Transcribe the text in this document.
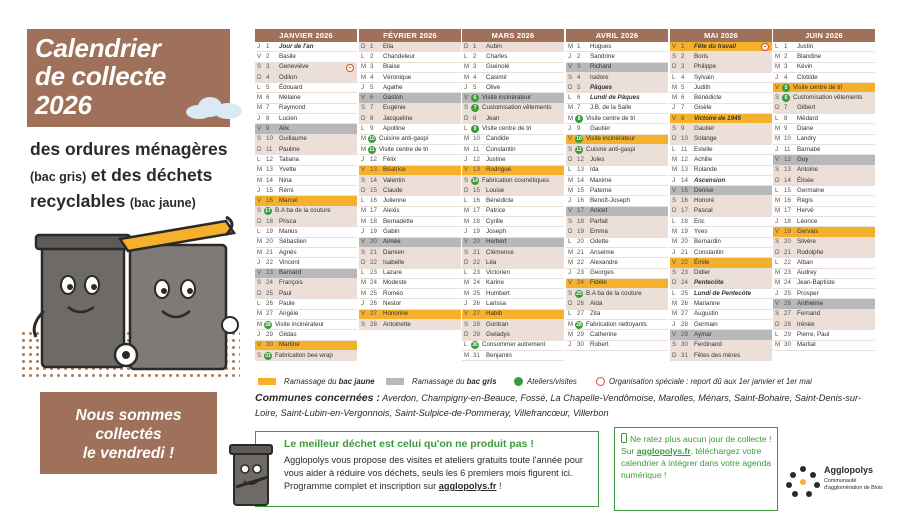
Calendrier
de collecte
2026
des ordures ménagères
(bac gris) et des déchets
recyclables (bac jaune)
Nous sommes
collectés
le vendredi !
JANVIER 2026
J 1	Jour de l'an
V 2	Basile
S 3	Geneviève
D 4	Odilon
L 5	Édouard
M 6	Mélaine
M 7	Raymond
J 8	Lucien
V 9	Alix
S 10 Guillaume
D 11	Pauline
L 12 Tatiana
M 13 Yvette
M 14 Nina
J 15 Rémi
V 16 Marcel
S 17 B.A ba de la couture
D 18 Prisca
L 19 Marius
M 20 Sébastien
M 21 Agnès
J 22 Vincent
V 23 Barnard
S 24 François
D 25 Paul
L 26 Paule
M 27 Angèle
M 28 Visite incinérateur
J 29 Gildas
V 30 Martine
S 31 Fabrication bee wrap
FÉVRIER 2026
D 1	Ella
L 2	Chandeleur
M 3	Blaise
M 4	Véronique
J 5	Agathe
V 6	Gaston
S 7	Eugénie
D 8	Jacqueline
L 9	Apolline
M 10 Cuisine anti-gaspi
M 11 Visite centre de tri
J 12 Félix
V 13 Béatrice
S 14 Valentin
D 15 Claude
L 16 Julienne
M 17 Alexis
M 18 Bernadette
J 19 Gabin
V 20 Aimée
S 21 Damien
D 22 Isabelle
L 23 Lazare
M 24 Modeste
M 25 Roméo
J 26 Nestor
V 27 Honorine
S 28 Antoinette
MARS 2026
D 1	Aubin
L 2	Charles
M 3	Guénolé
M 4	Casimir
J 5	Olive
V	6 Visite incinérateur
S	7 Customisation vêtements
D 8	Jean
L	9 Visite centre de tri
M 10 Candide
M 11	Constantin
J 12 Justine
V 13 Rodrigue
S 14 Fabrication cosmétiques
D 15 Louise
L 16 Bénédicte
M 17 Patrice
M 18 Cyrille
J 19 Joseph
V 20 Herbert
S 21 Clémence
D 22 Léa
L 23 Victorien
M 24 Karine
M 25 Humbert
J 26 Larissa
V 27 Habib
S 28 Gontran
D 29 Gwladys
L 30 Consommer autrement
M 31 Benjamin
AVRIL 2026
M 1	Hugues
J 2	Sandrine
V 3	Richard
S 4	Isidore
D 5	Pâques
L 6	Lundi de Pâques
M 7	J.B. de la Salle
M 8 Visite centre de tri
J 9	Gautier
V 10 Visite incinérateur
S 11 Cuisine anti-gaspi
D 12 Jules
L 13 Ida
M 14 Maxime
M 15 Paterne
J 16 Benoît-Joseph
V 17 Anicet
S 18 Parfait
D 19 Emma
L 20 Odette
M 21 Anselme
M 22 Alexandre
J 23 Georges
V 24 Fidèle
S 25 B.A ba de la couture
D 26 Alda
L 27 Zita
M 28 Fabrication nettoyants
M 29 Catherine
J 30 Robert
MAI 2026
V 1	Fête du travail
S 2	Boris
D 3	Philippe
L 4	Sylvain
M 5	Judith
M 6	Bénédicte
J 7	Gisèle
V 8	Victoire de 1945
S 9	Gautier
D 10 Solange
L 11	Estelle
M 12 Achille
M 13 Rolande
J 14 Ascension
V 15 Denise
S 16 Honoré
D 17 Pascal
L 18 Eric
M 19 Yves
M 20 Bernardin
J 21 Constantin
V 22 Émile
S 23 Didier
D 24 Pentecôte
L 25 Lundi de Pentecôte
M 26 Marianne
M 27 Augustin
J 28 Germain
V 29 Aymar
S 30 Ferdinand
D 31 Fêtes des mères
JUIN 2026
L 1	Justin
M 2	Blandine
M 3	Kévin
J 4	Clotilde
V	5 Visite centre de tri
S	6 Customisation vêtements
D 7	Gilbert
L 8	Médard
M 9	Diane
M 10 Landry
J 11	Barnabé
V 12 Guy
S 13 Antoine
D 14 Élisée
L 15 Germaine
M 16 Régis
M 17 Hervé
J 18 Léonce
V 19 Gervais
S 20 Silvère
D 21 Rodolphe
L 22 Alban
M 23 Audrey
M 24 Jean-Baptiste
J 25 Prosper
V 26 Anthelme
S 27 Fernand
D 28 Irénée
L 29 Pierre, Paul
M 30 Martial
Ramassage du
bac jaune	Ramassage du
bac gris	Ateliers/visites	Organisation spéciale : report dû aux 1er janvier et 1er mai
Communes concernées : Averdon, Champigny-en-Beauce, Fossé, La Chapelle-Vendômoise, Marolles, Ménars, Saint-Bohaire, Saint-Denis-sur-Loire, Saint-Lubin-en-Vergonnois, Saint-Sulpice-de-Pommeray, Villefrancœur, Villerbon
Le meilleur déchet est celui qu'on ne produit pas !
Agglopolys vous propose des visites et ateliers gratuits toute l'année pour vous aider à réduire vos déchets, seuls les 6 premiers mois figurent ici. Programme complet et inscription sur agglopolys.fr !
Ne ratez plus aucun jour de collecte ! Sur agglopolys.fr, téléchargez votre calendrier à intégrer dans votre agenda numérique !	Agglopolys
Communauté d'agglomération de Blois
